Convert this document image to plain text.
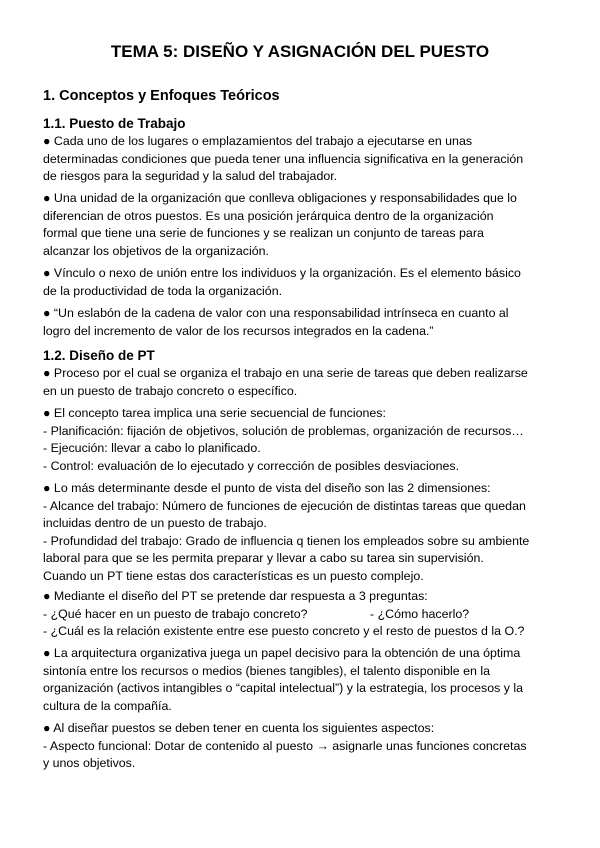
TEMA 5: DISEÑO Y ASIGNACIÓN DEL PUESTO
1. Conceptos y Enfoques Teóricos
1.1. Puesto de Trabajo

● Cada uno de los lugares o emplazamientos del trabajo a ejecutarse en unas
determinadas condiciones que pueda tener una influencia significativa en la generación
de riesgos para la seguridad y la salud del trabajador.

● Una unidad de la organización que conlleva obligaciones y responsabilidades que lo
diferencian de otros puestos. Es una posición jerárquica dentro de la organización
formal que tiene una serie de funciones y se realizan un conjunto de tareas para
alcanzar los objetivos de la organización.

● Vínculo o nexo de unión entre los individuos y la organización. Es el elemento básico
de la productividad de toda la organización.

● “Un eslabón de la cadena de valor con una responsabilidad intrínseca en cuanto al
logro del incremento de valor de los recursos integrados en la cadena.”

1.2. Diseño de PT

● Proceso por el cual se organiza el trabajo en una serie de tareas que deben realizarse
en un puesto de trabajo concreto o específico.

● El concepto tarea implica una serie secuencial de funciones:
- Planificación: fijación de objetivos, solución de problemas, organización de recursos…
- Ejecución: llevar a cabo lo planificado.
- Control: evaluación de lo ejecutado y corrección de posibles desviaciones.

● Lo más determinante desde el punto de vista del diseño son las 2 dimensiones:
- Alcance del trabajo: Número de funciones de ejecución de distintas tareas que quedan
incluidas dentro de un puesto de trabajo.
- Profundidad del trabajo: Grado de influencia q tienen los empleados sobre su ambiente
laboral para que se les permita preparar y llevar a cabo su tarea sin supervisión.
Cuando un PT tiene estas dos características es un puesto complejo.

● Mediante el diseño del PT se pretende dar respuesta a 3 preguntas:
- ¿Qué hacer en un puesto de trabajo concreto?	- ¿Cómo hacerlo?
- ¿Cuál es la relación existente entre ese puesto concreto y el resto de puestos d la O.?

● La arquitectura organizativa juega un papel decisivo para la obtención de una óptima
sintonía entre los recursos o medios (bienes tangibles), el talento disponible en la
organización (activos intangibles o “capital intelectual”) y la estrategia, los procesos y la
cultura de la compañía.

● Al diseñar puestos se deben tener en cuenta los siguientes aspectos:
- Aspecto funcional: Dotar de contenido al puesto → asignarle unas funciones concretas
y unos objetivos.
